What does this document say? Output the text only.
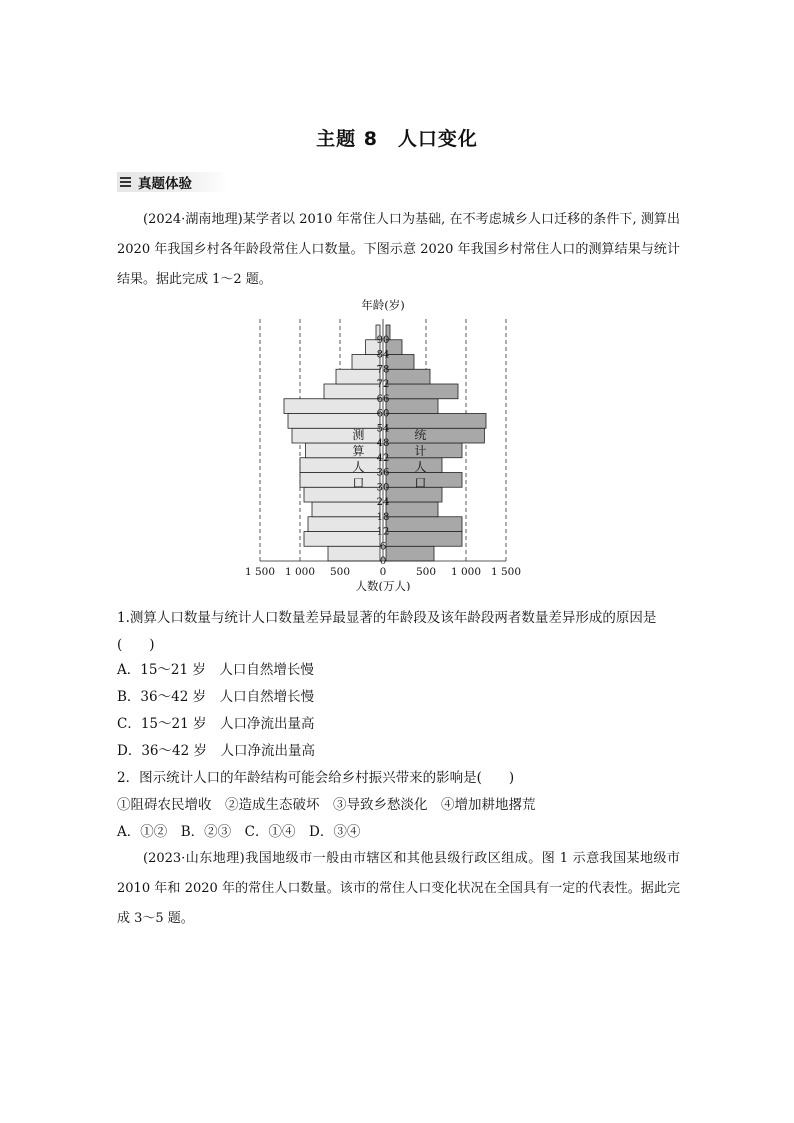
主题 8　人口变化
真题体验
(2024·湖南地理)某学者以 2010 年常住人口为基础, 在不考虑城乡人口迁移的条件下, 测算出 2020 年我国乡村各年龄段常住人口数量。下图示意 2020 年我国乡村常住人口的测算结果与统计结果。据此完成 1～2 题。
0
6
12
18
24
30
36
42
48
54
60
66
72
78
84
90
1 500 1 000 500	0	500 1 000 1 500
年龄(岁)
人数(万人)
测
算
人
口
统
计
人
口
1.测算人口数量与统计人口数量差异最显著的年龄段及该年龄段两者数量差异形成的原因是
(　　)
A．15～21 岁　人口自然增长慢
B．36～42 岁　人口自然增长慢
C．15～21 岁　人口净流出量高
D．36～42 岁　人口净流出量高
2．图示统计人口的年龄结构可能会给乡村振兴带来的影响是(　　)
①阻碍农民增收　②造成生态破坏　③导致乡愁淡化　④增加耕地撂荒
A．①②　B．②③　C．①④　D．③④
(2023·山东地理)我国地级市一般由市辖区和其他县级行政区组成。图 1 示意我国某地级市 2010 年和 2020 年的常住人口数量。该市的常住人口变化状况在全国具有一定的代表性。据此完成 3～5 题。
